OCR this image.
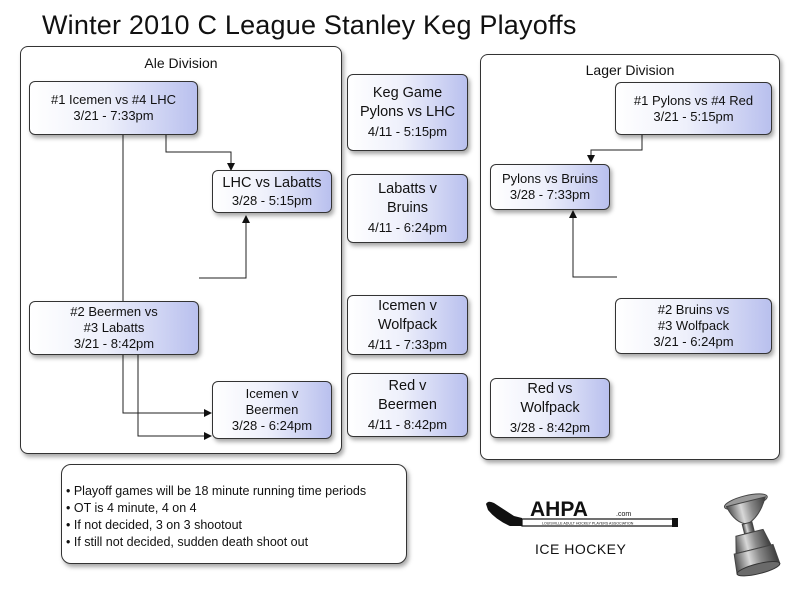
Winter 2010 C League Stanley Keg Playoffs
Ale Division	Lager Division
#1 Icemen vs #4 LHC
3/21 - 7:33pm
LHC vs Labatts
3/28 - 5:15pm
#2 Beermen vs
#3 Labatts
3/21 - 8:42pm
Icemen v
Beermen
3/28 - 6:24pm
Keg Game
Pylons vs LHC
4/11 - 5:15pm
Labatts v
Bruins
4/11 - 6:24pm
Icemen v
Wolfpack
4/11 - 7:33pm
Red v
Beermen
4/11 - 8:42pm
#1 Pylons vs #4 Red
3/21 - 5:15pm
Pylons vs Bruins
3/28 - 7:33pm
#2 Bruins vs
#3 Wolfpack
3/21 - 6:24pm
Red vs
Wolfpack
3/28 - 8:42pm
• Playoff games will be 18 minute running time periods
• OT is 4 minute, 4 on 4
• If not decided, 3 on 3 shootout
• If still not decided, sudden death shoot out
AHPA	.com
LOUISVILLE ADULT HOCKEY PLAYERS ASSOCIATION
ICE HOCKEY
